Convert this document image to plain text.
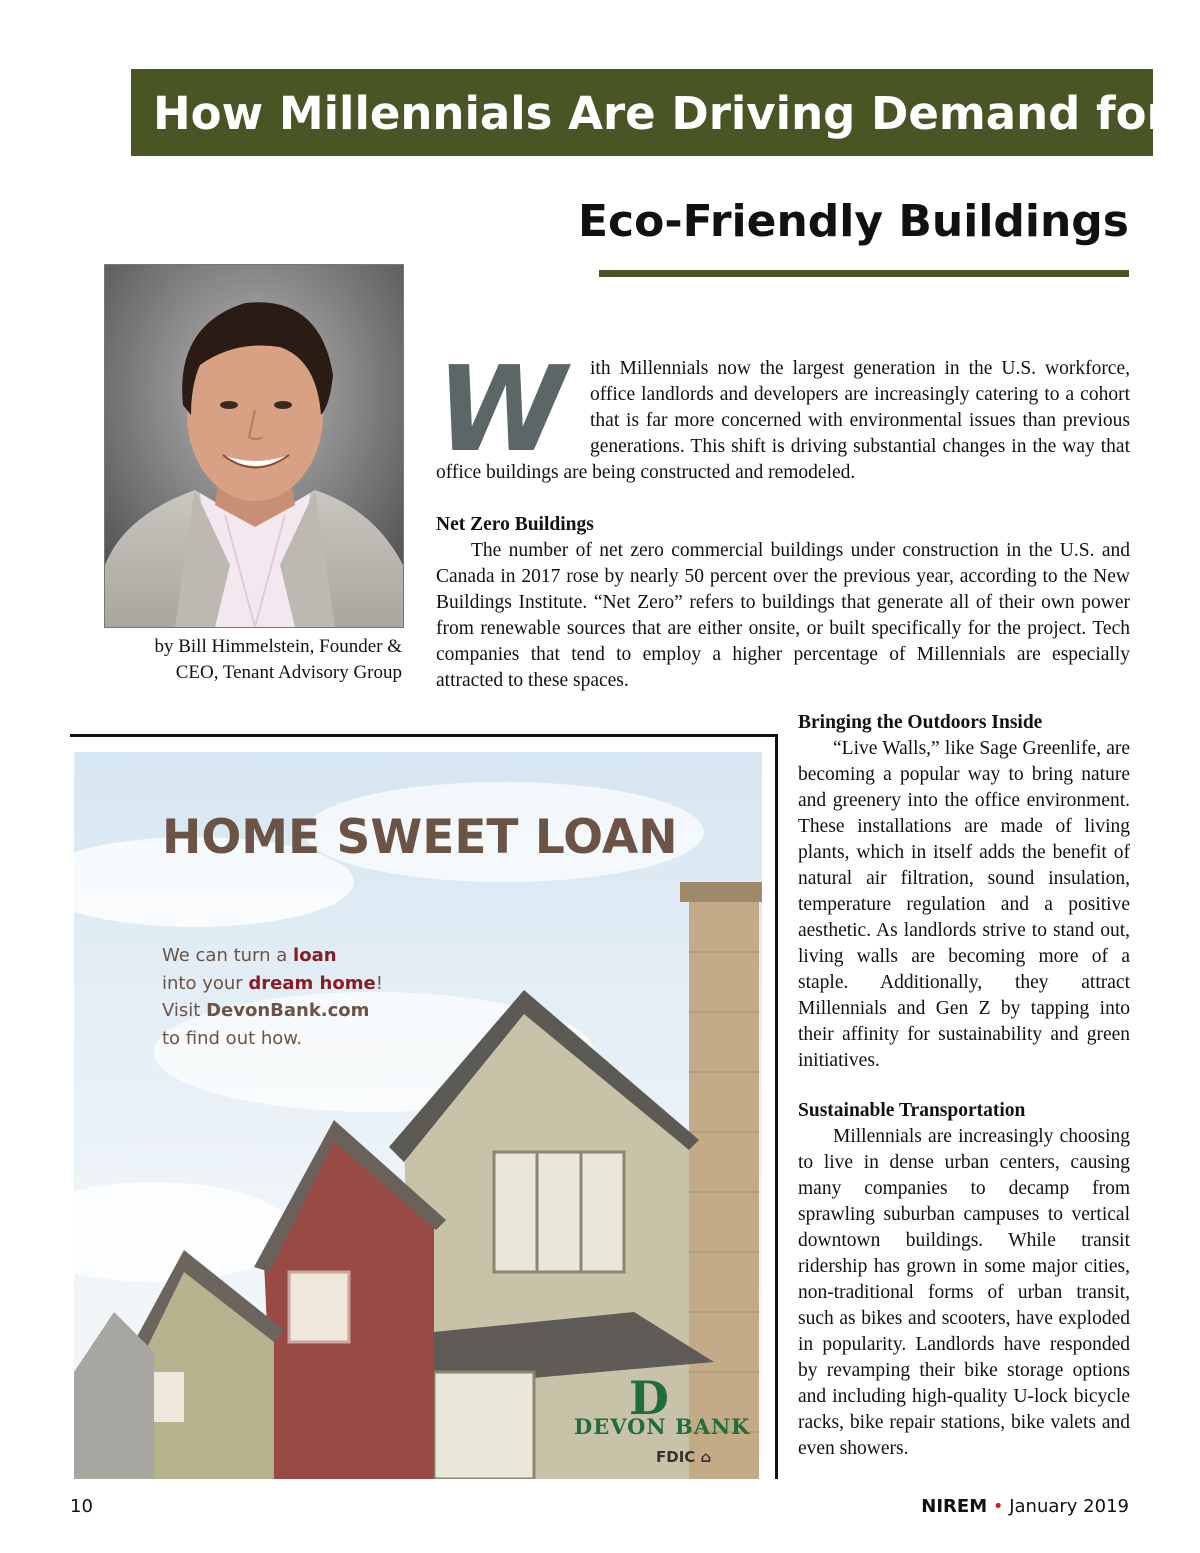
How Millennials Are Driving Demand for
Eco-Friendly Buildings
by Bill Himmelstein, Founder &
CEO, Tenant Advisory Group
W ith Millennials now the largest generation in the U.S. workforce, office landlords and developers are increasingly catering to a cohort that is far more concerned with environmental issues than previous generations. This shift is driving substantial changes in the way that office buildings are being constructed and remodeled.
Net Zero Buildings

The number of net zero commercial buildings under construction in the U.S. and Canada in 2017 rose by nearly 50 percent over the previous year, according to the New Buildings Institute. “Net Zero” refers to buildings that generate all of their own power from renewable sources that are either onsite, or built specifically for the project. Tech companies that tend to employ a higher percentage of Millennials are especially attracted to these spaces.

Bringing the Outdoors Inside

“Live Walls,” like Sage Greenlife, are becoming a popular way to bring nature and greenery into the office environment. These installations are made of living plants, which in itself adds the benefit of natural air filtration, sound insulation, temperature regulation and a positive aesthetic. As landlords strive to stand out, living walls are becoming more of a staple. Additionally, they attract Millennials and Gen Z by tapping into their affinity for sustainability and green initiatives.

Sustainable Transportation

Millennials are increasingly choosing to live in dense urban centers, causing many companies to decamp from sprawling suburban campuses to vertical downtown buildings. While transit ridership has grown in some major cities, non-traditional forms of urban transit, such as bikes and scooters, have exploded in popularity. Landlords have responded by revamping their bike storage options and including high-quality U-lock bicycle racks, bike repair stations, bike valets and even showers.

HOME SWEET LOAN
We can turn a loan
into your dream home!
Visit DevonBank.com
to find out how.
D
DEVON BANK
FDIC ⌂
10	NIREM • January 2019
